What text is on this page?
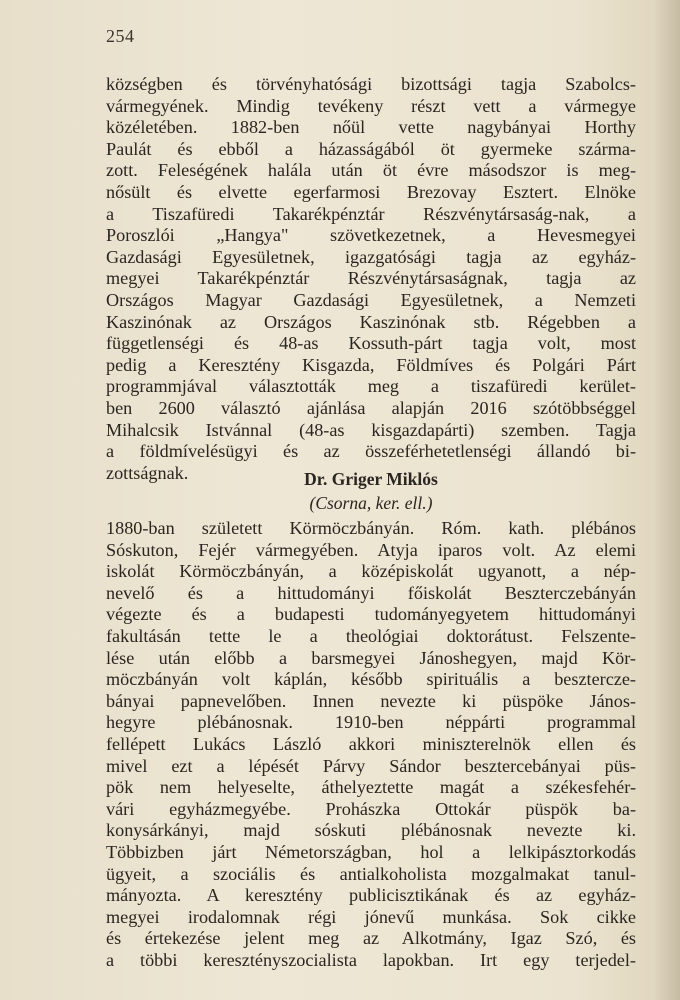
254
községben és törvényhatósági bizottsági tagja Szabolcs-
vármegyének. Mindig tevékeny részt vett a vármegye
közéletében. 1882-ben nőül vette nagybányai Horthy
Paulát és ebből a házasságából öt gyermeke szárma-
zott. Feleségének halála után öt évre másodszor is meg-
nősült és elvette egerfarmosi Brezovay Esztert. Elnöke
a Tiszafüredi Takarékpénztár Részvénytársaság-nak, a
Poroszlói „Hangya" szövetkezetnek, a Hevesmegyei
Gazdasági Egyesületnek, igazgatósági tagja az egyház-
megyei Takarékpénztár Részvénytársaságnak, tagja az
Országos Magyar Gazdasági Egyesületnek, a Nemzeti
Kaszinónak az Országos Kaszinónak stb. Régebben a
függetlenségi és 48-as Kossuth-párt tagja volt, most
pedig a Keresztény Kisgazda, Földmíves és Polgári Párt
programmjával választották meg a tiszafüredi kerület-
ben 2600 választó ajánlása alapján 2016 szótöbbséggel
Mihalcsik Istvánnal (48-as kisgazdapárti) szemben. Tagja
a földmívelésügyi és az összeférhetetlenségi állandó bi-
zottságnak.	Dr. Griger Miklós
(Csorna, ker. ell.)
1880-ban született Körmöczbányán. Róm. kath. plébános
Sóskuton, Fejér vármegyében. Atyja iparos volt. Az elemi
iskolát Körmöczbányán, a középiskolát ugyanott, a nép-
nevelő és a hittudományi főiskolát Beszterczebányán
végezte és a budapesti tudományegyetem hittudományi
fakultásán tette le a theológiai doktorátust. Felszente-
lése után előbb a barsmegyei Jánoshegyen, majd Kör-
möczbányán volt káplán, később spirituális a besztercze-
bányai papnevelőben. Innen nevezte ki püspöke János-
hegyre plébánosnak. 1910-ben néppárti programmal
fellépett Lukács László akkori miniszterelnök ellen és
mivel ezt a lépését Párvy Sándor besztercebányai püs-
pök nem helyeselte, áthelyeztette magát a székesfehér-
vári egyházmegyébe. Prohászka Ottokár püspök ba-
konysárkányi, majd sóskuti plébánosnak nevezte ki.
Többizben járt Németországban, hol a lelkipásztorkodás
ügyeit, a szociális és antialkoholista mozgalmakat tanul-
mányozta. A keresztény publicisztikának és az egyház-
megyei irodalomnak régi jónevű munkása. Sok cikke
és értekezése jelent meg az Alkotmány, Igaz Szó, és
a többi keresztényszocialista lapokban. Irt egy terjedel-
